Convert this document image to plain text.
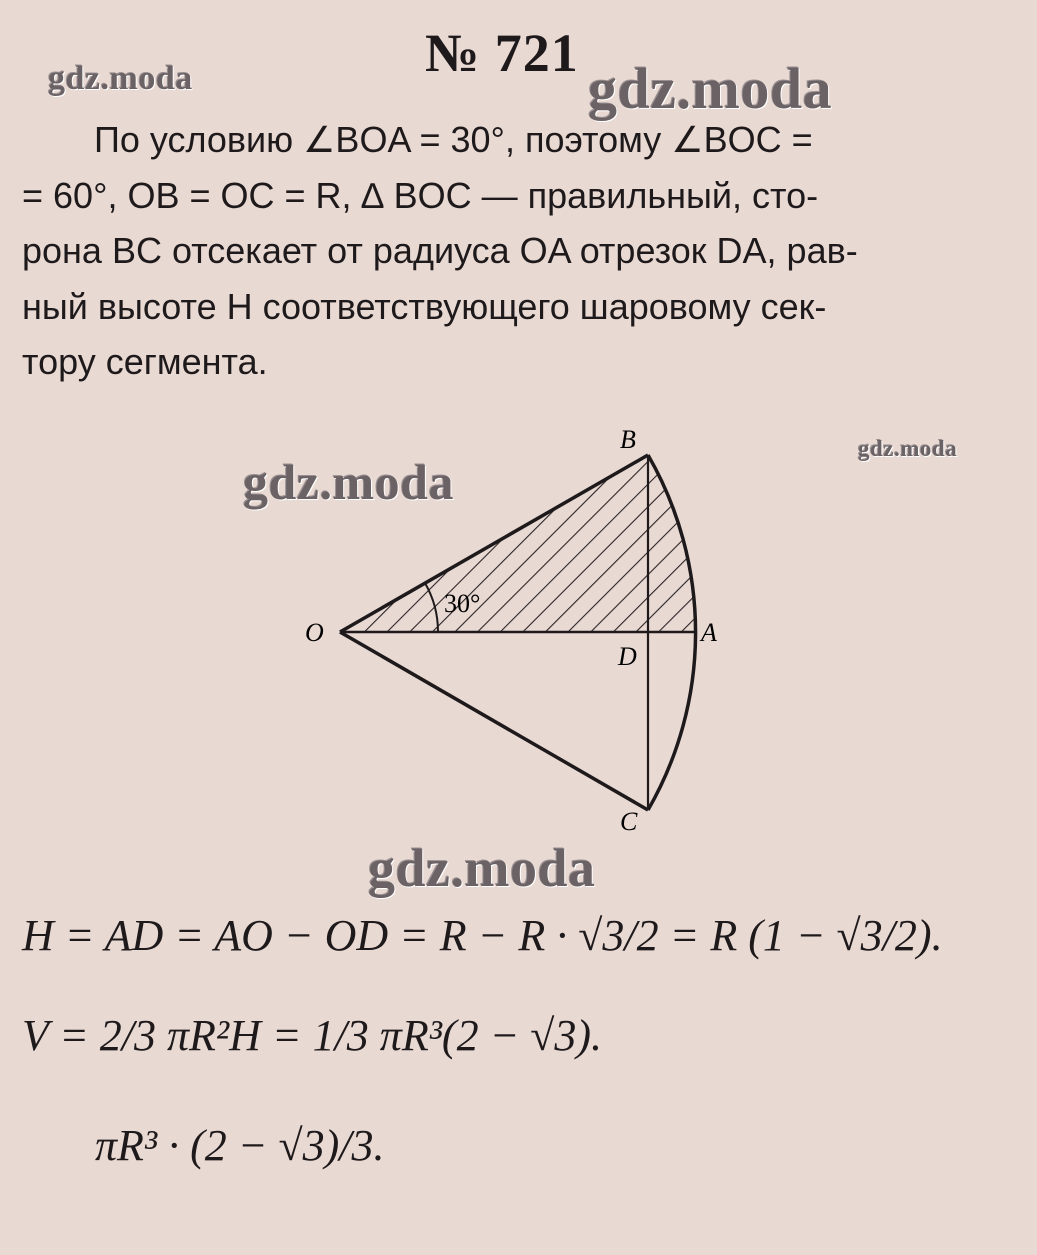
№ 721
gdz.moda	gdz.moda
По условию ∠BOA = 30°, поэтому ∠BOC =
= 60°, OB = OC = R, ∆ BOC — правильный, сто-
рона BC отсекает от радиуса OA отрезок DA, рав-
ный высоте H соответствующего шаровому сек-
тору сегмента.
B
O	A
D
C
30°
gdz.moda
gdz.moda
gdz.moda
H = AD = AO − OD = R − R · √3/2 = R (1 − √3/2).
V = 2/3 πR²H = 1/3 πR³(2 − √3).
πR³ · (2 − √3)/3.
